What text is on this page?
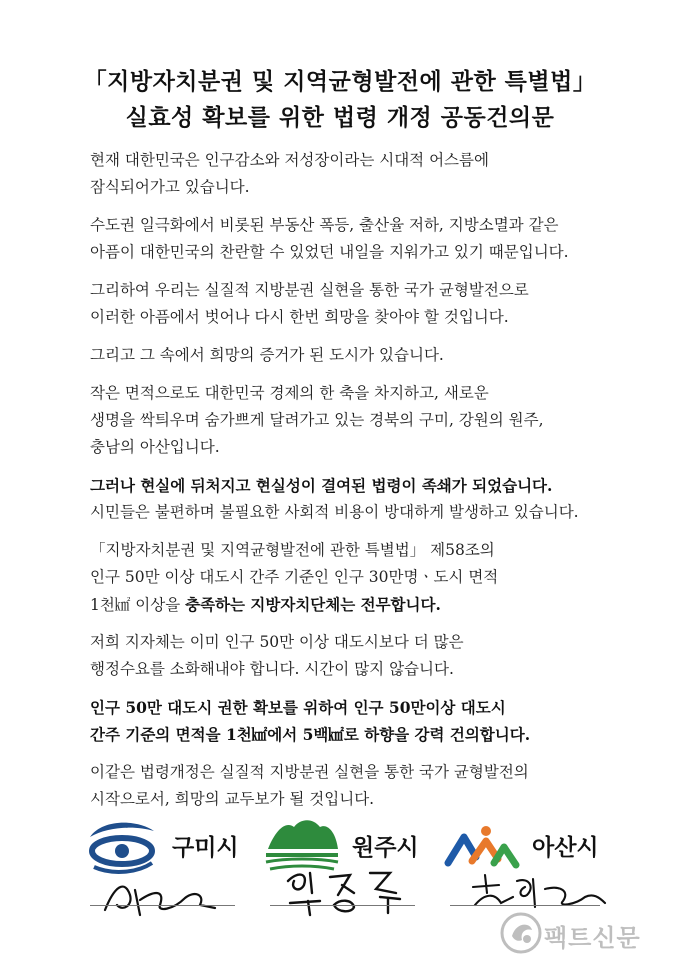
「지방자치분권 및 지역균형발전에 관한 특별법」
실효성 확보를 위한 법령 개정 공동건의문
현재 대한민국은 인구감소와 저성장이라는 시대적 어스름에
잠식되어가고 있습니다.
수도권 일극화에서 비롯된 부동산 폭등, 출산율 저하, 지방소멸과 같은
아픔이 대한민국의 찬란할 수 있었던 내일을 지워가고 있기 때문입니다.
그리하여 우리는 실질적 지방분권 실현을 통한 국가 균형발전으로
이러한 아픔에서 벗어나 다시 한번 희망을 찾아야 할 것입니다.
그리고 그 속에서 희망의 증거가 된 도시가 있습니다.
작은 면적으로도 대한민국 경제의 한 축을 차지하고, 새로운
생명을 싹틔우며 숨가쁘게 달려가고 있는 경북의 구미, 강원의 원주,
충남의 아산입니다.
그러나 현실에 뒤처지고 현실성이 결여된 법령이 족쇄가 되었습니다.
시민들은 불편하며 불필요한 사회적 비용이 방대하게 발생하고 있습니다.
「지방자치분권 및 지역균형발전에 관한 특별법」 제58조의
인구 50만 이상 대도시 간주 기준인 인구 30만명ㆍ도시 면적
1천㎢ 이상을 충족하는 지방자치단체는 전무합니다.
저희 지자체는 이미 인구 50만 이상 대도시보다 더 많은
행정수요를 소화해내야 합니다. 시간이 많지 않습니다.
인구 50만 대도시 권한 확보를 위하여 인구 50만이상 대도시
간주 기준의 면적을 1천㎢에서 5백㎢로 하향을 강력 건의합니다.
이같은 법령개정은 실질적 지방분권 실현을 통한 국가 균형발전의
시작으로서, 희망의 교두보가 될 것입니다.
구미시	원주시	아산시
팩트신문
